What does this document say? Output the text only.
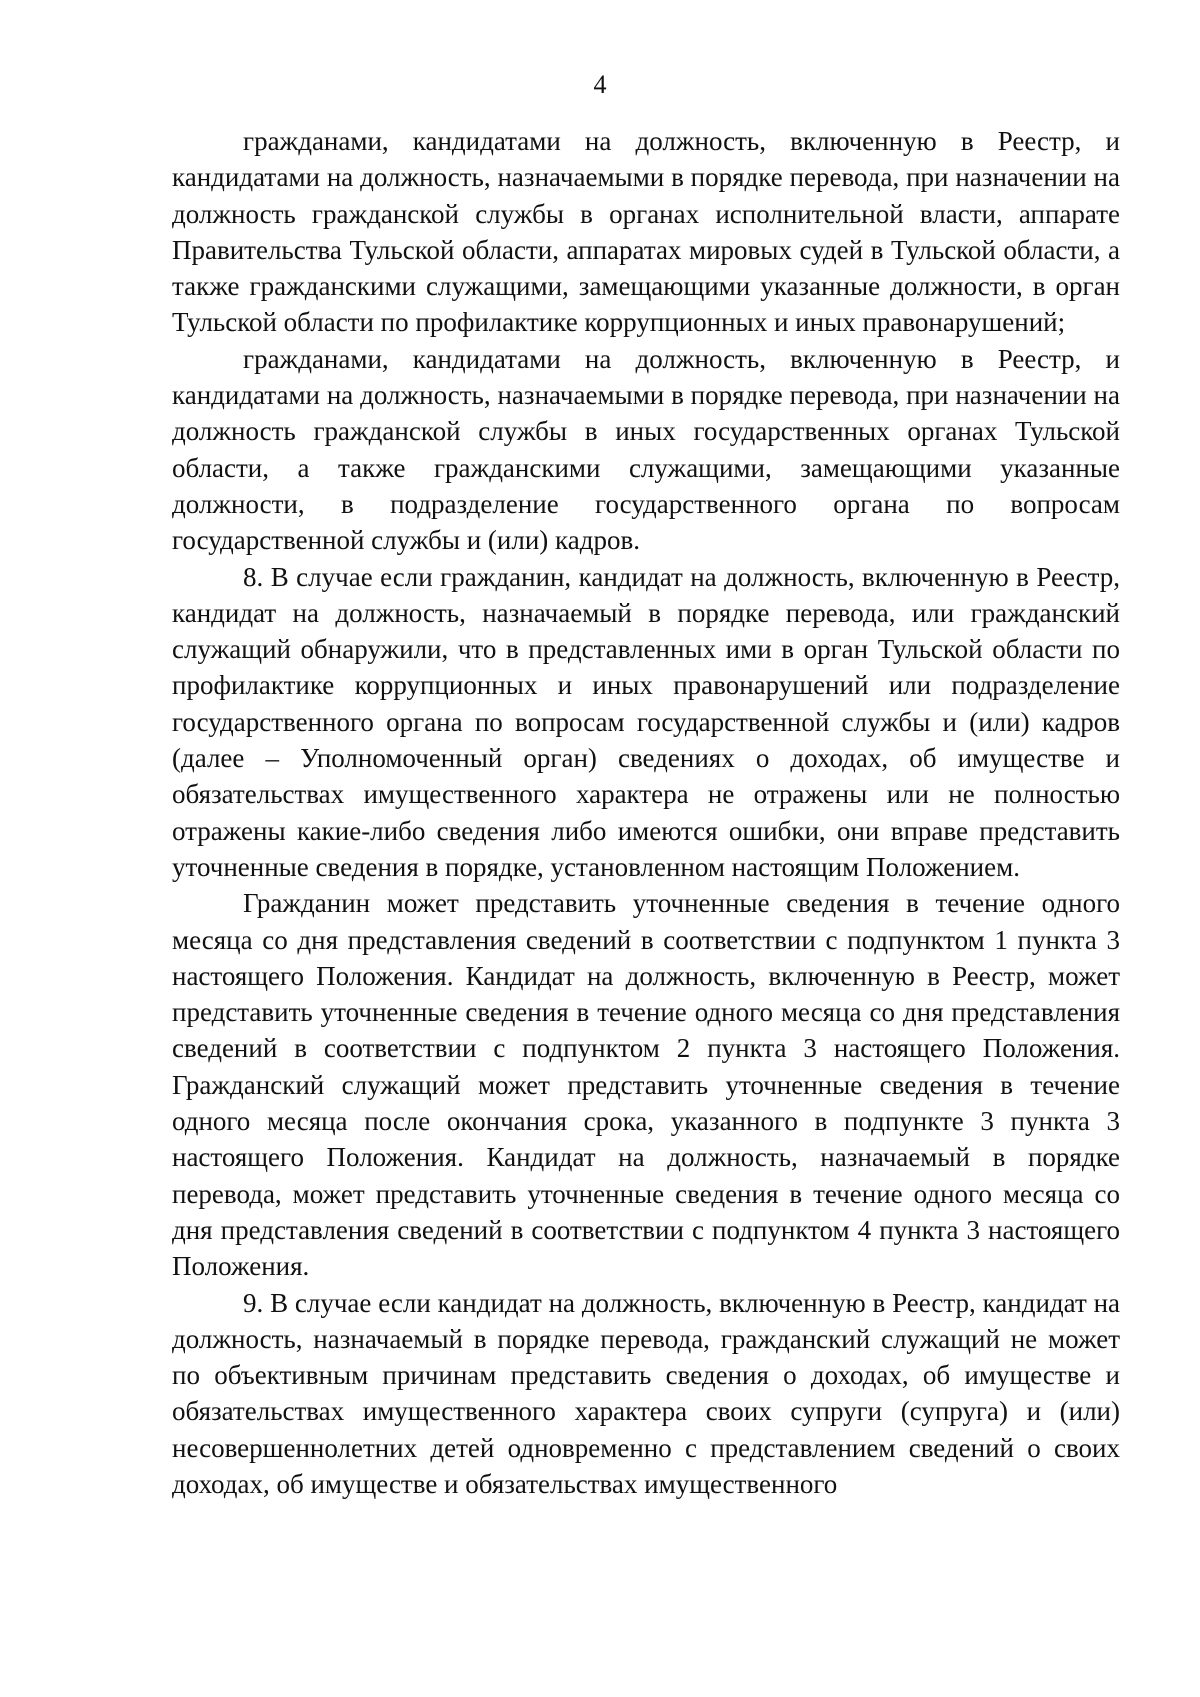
4

гражданами, кандидатами на должность, включенную в Реестр, и кандидатами на должность, назначаемыми в порядке перевода, при назначении на должность гражданской службы в органах исполнительной власти, аппарате Правительства Тульской области, аппаратах мировых судей в Тульской области, а также гражданскими служащими, замещающими указанные должности, в орган Тульской области по профилактике коррупционных и иных правонарушений;

гражданами, кандидатами на должность, включенную в Реестр, и кандидатами на должность, назначаемыми в порядке перевода, при назначении на должность гражданской службы в иных государственных органах Тульской области, а также гражданскими служащими, замещающими указанные должности, в подразделение государственного органа по вопросам государственной службы и (или) кадров.

8. В случае если гражданин, кандидат на должность, включенную в Реестр, кандидат на должность, назначаемый в порядке перевода, или гражданский служащий обнаружили, что в представленных ими в орган Тульской области по профилактике коррупционных и иных правонарушений или подразделение государственного органа по вопросам государственной службы и (или) кадров (далее – Уполномоченный орган) сведениях о доходах, об имуществе и обязательствах имущественного характера не отражены или не полностью отражены какие-либо сведения либо имеются ошибки, они вправе представить уточненные сведения в порядке, установленном настоящим Положением.

Гражданин может представить уточненные сведения в течение одного месяца со дня представления сведений в соответствии с подпунктом 1 пункта 3 настоящего Положения. Кандидат на должность, включенную в Реестр, может представить уточненные сведения в течение одного месяца со дня представления сведений в соответствии с подпунктом 2 пункта 3 настоящего Положения. Гражданский служащий может представить уточненные сведения в течение одного месяца после окончания срока, указанного в подпункте 3 пункта 3 настоящего Положения. Кандидат на должность, назначаемый в порядке перевода, может представить уточненные сведения в течение одного месяца со дня представления сведений в соответствии с подпунктом 4 пункта 3 настоящего Положения.

9. В случае если кандидат на должность, включенную в Реестр, кандидат на должность, назначаемый в порядке перевода, гражданский служащий не может по объективным причинам представить сведения о доходах, об имуществе и обязательствах имущественного характера своих супруги (супруга) и (или) несовершеннолетних детей одновременно с представлением сведений о своих доходах, об имуществе и обязательствах имущественного
